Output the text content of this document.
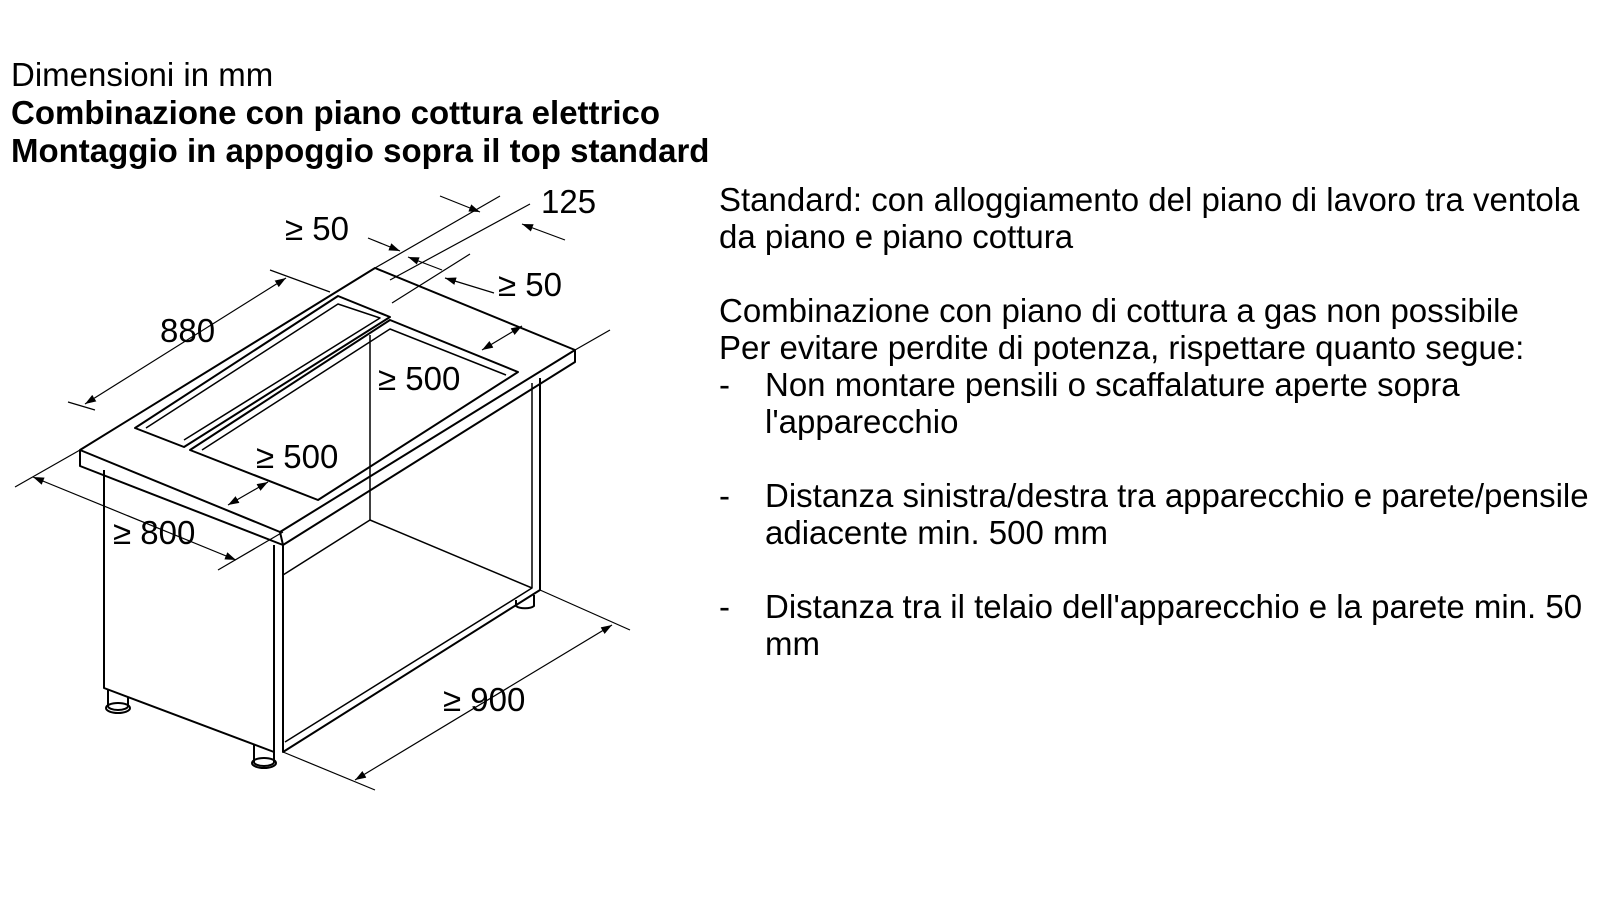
Dimensioni in mm
Combinazione con piano cottura elettrico
Montaggio in appoggio sopra il top standard
125
≥ 50
≥ 50
880
≥ 500
≥ 500
≥ 800
≥ 900

Standard: con alloggiamento del piano di lavoro tra ventola da piano e piano cottura

Combinazione con piano di cottura a gas non possibile

Per evitare perdite di potenza, rispettare quanto segue:

-	Non montare pensili o scaffalature aperte sopra l'apparecchio
-	Distanza sinistra/destra tra apparecchio e parete/pensile adiacente min. 500 mm
-	Distanza tra il telaio dell'apparecchio e la parete min. 50 mm
